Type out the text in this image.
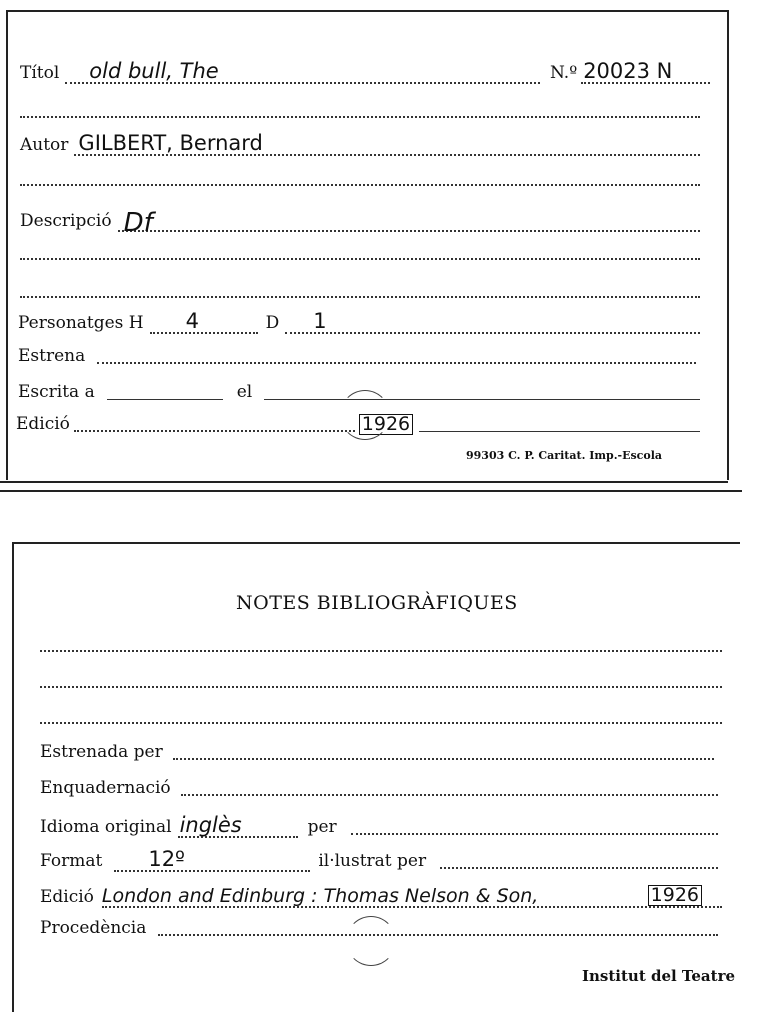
Títol old bull, The	N.º 20023 N
Autor GILBERT, Bernard
Descripció Df
Personatges H 4	D 1
Estrena
Escrita a	el
Edició	1926
99303 C. P. Caritat. Imp.-Escola
NOTES BIBLIOGRÀFIQUES
Estrenada per
Enquadernació
Idioma original inglès	per
Format 12º	il·lustrat per
Edició London and Edinburg : Thomas Nelson & Son,	1926
Procedència
Institut del Teatre
